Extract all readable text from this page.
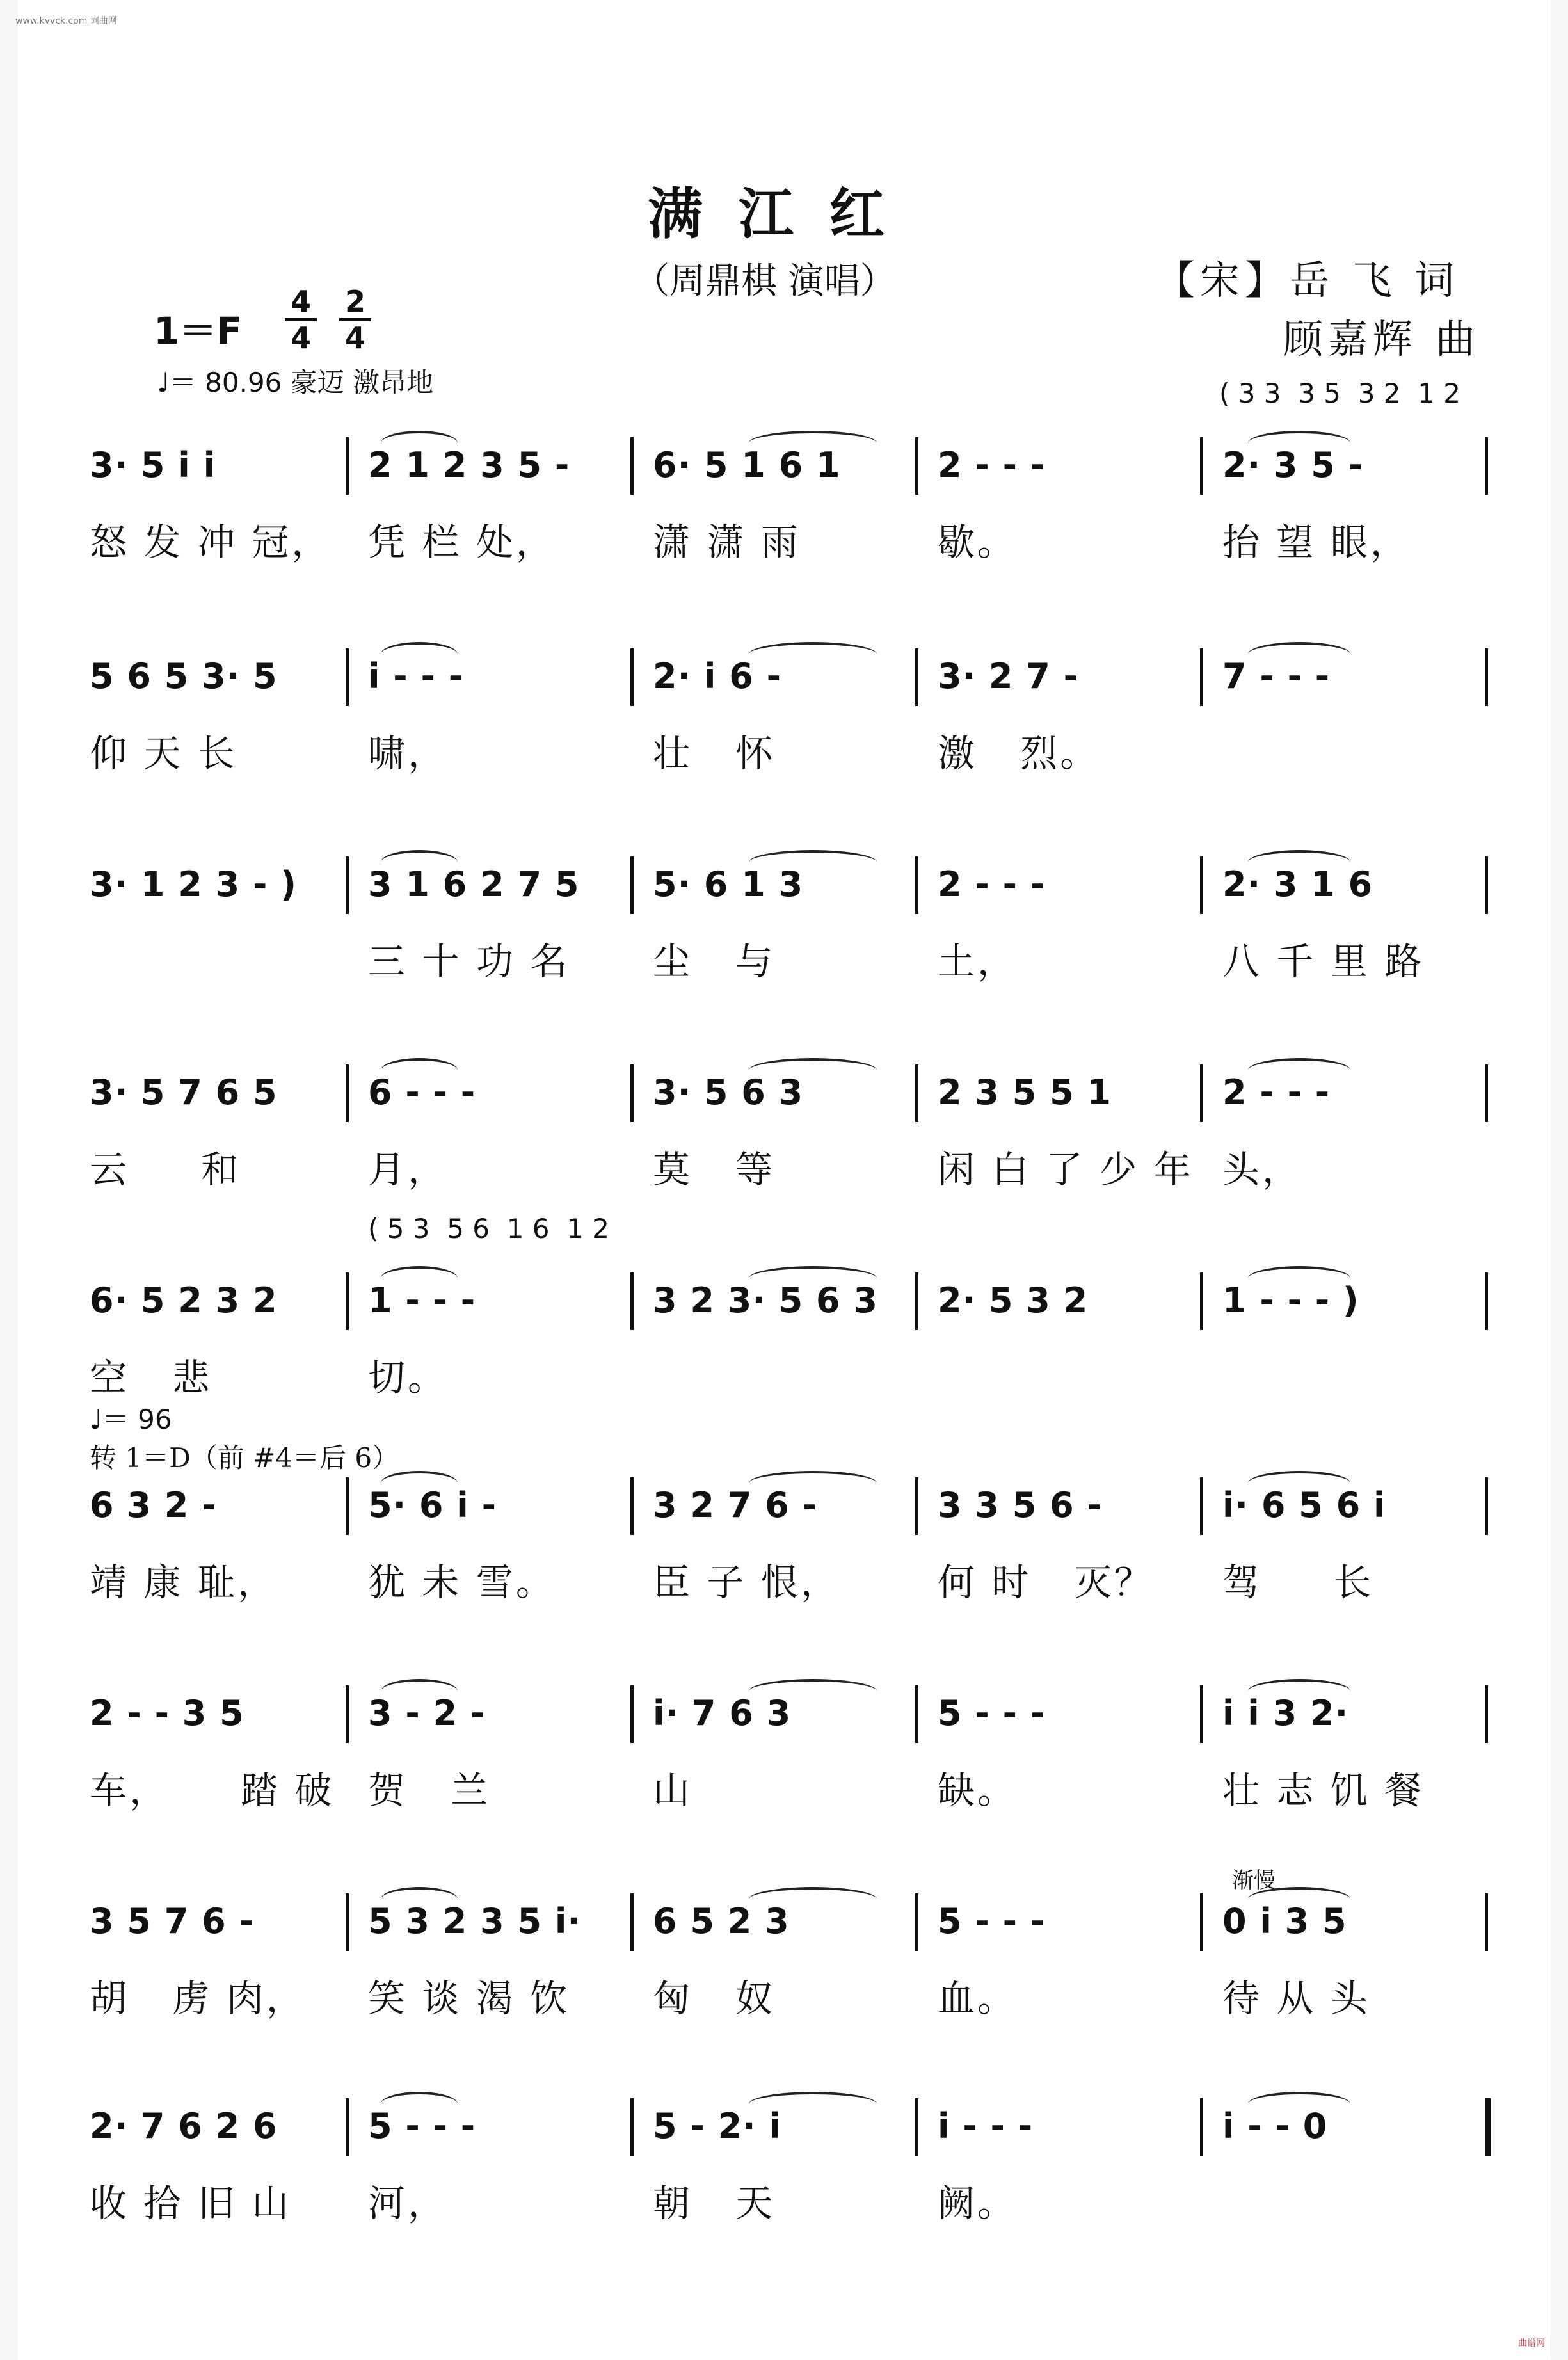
www.kvvck.com 词曲网
曲谱网
满江红
（周鼎棋 演唱）	【宋】岳 飞 词
顾嘉辉 曲
1＝F
4
4
2
4
♩＝ 80.96 豪迈 激昂地
♩＝ 96
转 1＝D（前 #4＝后 6）
渐慢
3· 5 i i
怒 发 冲 冠，
2 1 2 3 5 -
凭 栏 处，
6· 5 1 6 1
潇 潇 雨
2 - - -
歇。
2· 3 5 -
抬 望 眼，
( 3 3  3 5  3 2  1 2
5 6 5 3· 5
仰 天 长
i - - -
啸，
2· i 6 -
壮   怀
3· 2 7 -
激   烈。
7 - - -
3· 1 2 3 - ) 3 1 6 2 7 5
三 十 功 名
5· 6 1 3
尘   与
2 - - -
土，
2· 3 1 6
八 千 里 路
3· 5 7 6 5
云     和
6 - - -
月，
3· 5 6 3
莫   等
2 3 5 5 1
闲 白 了 少 年
2 - - -
头，
6· 5 2 3 2
空   悲
1 - - -
切。
3 2 3· 5 6 3 2· 5 3 2	1 - - - )
( 5 3  5 6  1 6  1 2
6 3 2 -
靖 康 耻，
5· 6 i -
犹 未 雪。
3 2 7 6 -
臣 子 恨，
3 3 5 6 -
何 时   灭？
i· 6 5 6 i
驾     长
2 - - 3 5
车，     踏 破
3 - 2 -
贺   兰
i· 7 6 3
山
5 - - -
缺。
i i 3 2·
壮 志 饥 餐
3 5 7 6 -
胡   虏 肉，
5 3 2 3 5 i·
笑 谈 渴 饮
6 5 2 3
匈   奴
5 - - -
血。
0 i 3 5
待 从 头
2· 7 6 2 6
收 拾 旧 山
5 - - -
河，
5 - 2· i
朝   天
i - - -
阙。
i - - 0
